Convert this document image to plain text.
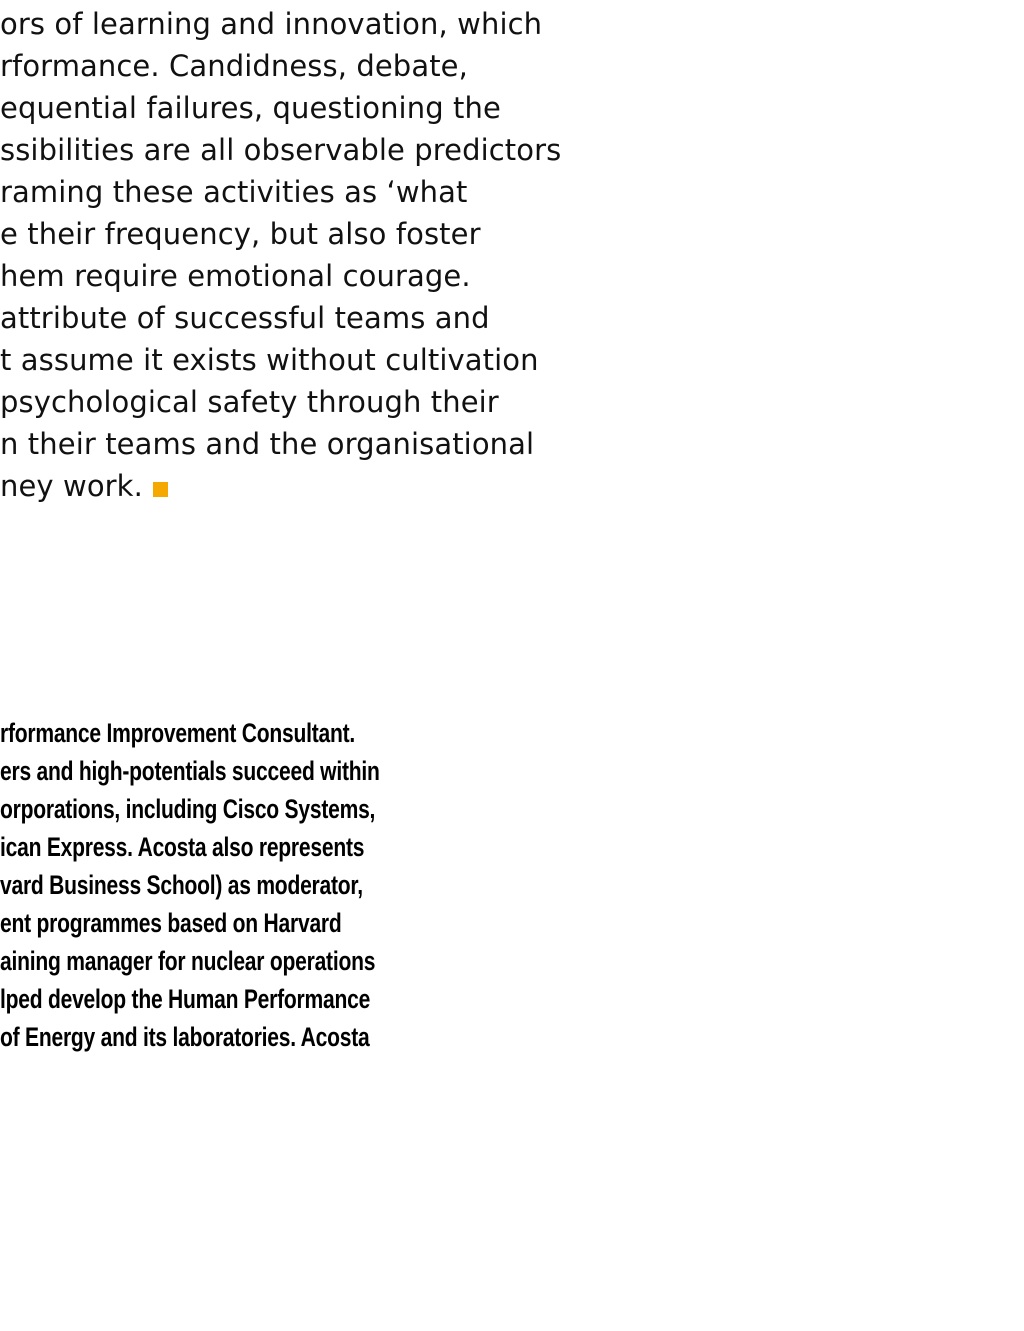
ors of learning and innovation, which
rformance. Candidness, debate,
equential failures, questioning the
ssibilities are all observable predictors
raming these activities as ‘what
e their frequency, but also foster
hem require emotional courage.
attribute of successful teams and
t assume it exists without cultivation
psychological safety through their
n their teams and the organisational
ney work.
rformance Improvement Consultant.
ers and high-potentials succeed within
orporations, including Cisco Systems,
ican Express. Acosta also represents
vard Business School) as moderator,
ent programmes based on Harvard
aining manager for nuclear operations
lped develop the Human Performance
of Energy and its laboratories. Acosta
